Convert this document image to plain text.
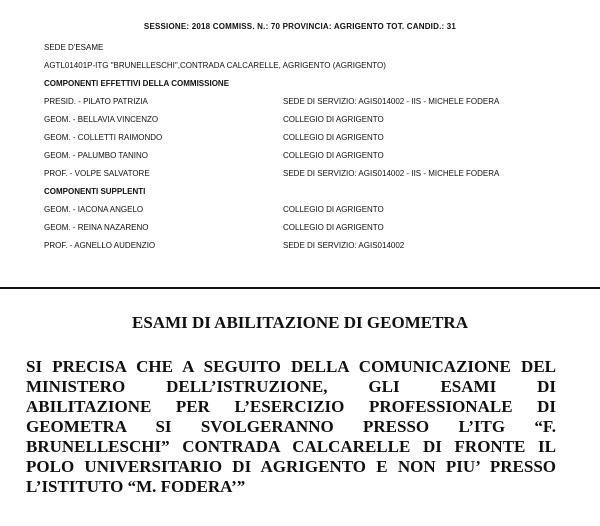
SESSIONE: 2018 COMMISS. N.: 70 PROVINCIA: AGRIGENTO TOT. CANDID.: 31
SEDE D'ESAME
AGTL01401P-ITG "BRUNELLESCHI",CONTRADA CALCARELLE, AGRIGENTO (AGRIGENTO)
COMPONENTI EFFETTIVI DELLA COMMISSIONE
PRESID. - PILATO PATRIZIA	SEDE DI SERVIZIO: AGIS014002 - IIS - MICHELE FODERA
GEOM. - BELLAVIA VINCENZO	COLLEGIO DI AGRIGENTO
GEOM. - COLLETTI RAIMONDO	COLLEGIO DI AGRIGENTO
GEOM. - PALUMBO TANINO	COLLEGIO DI AGRIGENTO
PROF. - VOLPE SALVATORE	SEDE DI SERVIZIO: AGIS014002 - IIS - MICHELE FODERA
COMPONENTI SUPPLENTI
GEOM. - IACONA ANGELO	COLLEGIO DI AGRIGENTO
GEOM. - REINA NAZARENO	COLLEGIO DI AGRIGENTO
PROF. - AGNELLO AUDENZIO	SEDE DI SERVIZIO: AGIS014002
ESAMI DI ABILITAZIONE DI GEOMETRA
SI PRECISA CHE A SEGUITO DELLA COMUNICAZIONE DEL
MINISTERO DELL’ISTRUZIONE, GLI ESAMI DI
ABILITAZIONE PER L’ESERCIZIO PROFESSIONALE DI
GEOMETRA SI SVOLGERANNO PRESSO L’ITG “F.
BRUNELLESCHI” CONTRADA CALCARELLE DI FRONTE IL
POLO UNIVERSITARIO DI AGRIGENTO E NON PIU’ PRESSO
L’ISTITUTO “M. FODERA’”
